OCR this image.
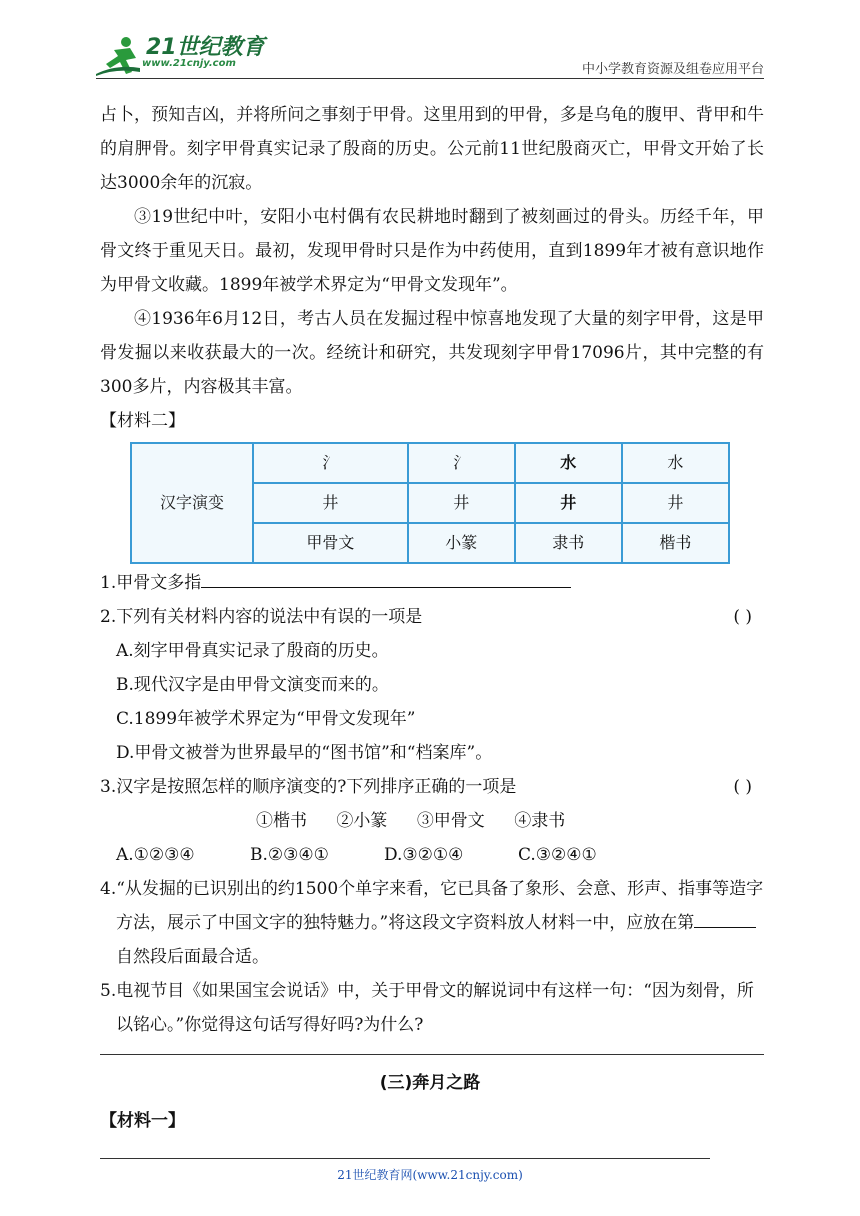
21世纪教育
www.21cnjy.com	中小学教育资源及组卷应用平台

占卜，预知吉凶，并将所问之事刻于甲骨。这里用到的甲骨，多是乌龟的腹甲、背甲和牛的肩胛骨。刻字甲骨真实记录了殷商的历史。公元前11世纪殷商灭亡，甲骨文开始了长达3000余年的沉寂。

③19世纪中叶，安阳小屯村偶有农民耕地时翻到了被刻画过的骨头。历经千年，甲骨文终于重见天日。最初，发现甲骨时只是作为中药使用，直到1899年才被有意识地作为甲骨文收藏。1899年被学术界定为“甲骨文发现年”。

④1936年6月12日，考古人员在发掘过程中惊喜地发现了大量的刻字甲骨，这是甲骨发掘以来收获最大的一次。经统计和研究，共发现刻字甲骨17096片，其中完整的有300多片，内容极其丰富。

【材料二】

汉字演变	氵	氵	水	水
	井	井	井	井
	甲骨文	小篆	隶书	楷书

1.甲骨文多指

2.下列有关材料内容的说法中有误的一项是	( )

A.刻字甲骨真实记录了殷商的历史。

B.现代汉字是由甲骨文演变而来的。

C.1899年被学术界定为“甲骨文发现年”

D.甲骨文被誉为世界最早的“图书馆”和“档案库”。

3.汉字是按照怎样的顺序演变的?下列排序正确的一项是	( )

①楷书 ②小篆 ③甲骨文 ④隶书

A.①②③④	B.②③④①	D.③②①④	C.③②④①

4.“从发掘的已识别出的约1500个单字来看，它已具备了象形、会意、形声、指事等造字方法，展示了中国文字的独特魅力。”将这段文字资料放人材料一中，应放在第自然段后面最合适。

5.电视节目《如果国宝会说话》中，关于甲骨文的解说词中有这样一句：“因为刻骨，所以铭心。”你觉得这句话写得好吗?为什么?

(三)奔月之路
【材料一】
21世纪教育网(www.21cnjy.com)
